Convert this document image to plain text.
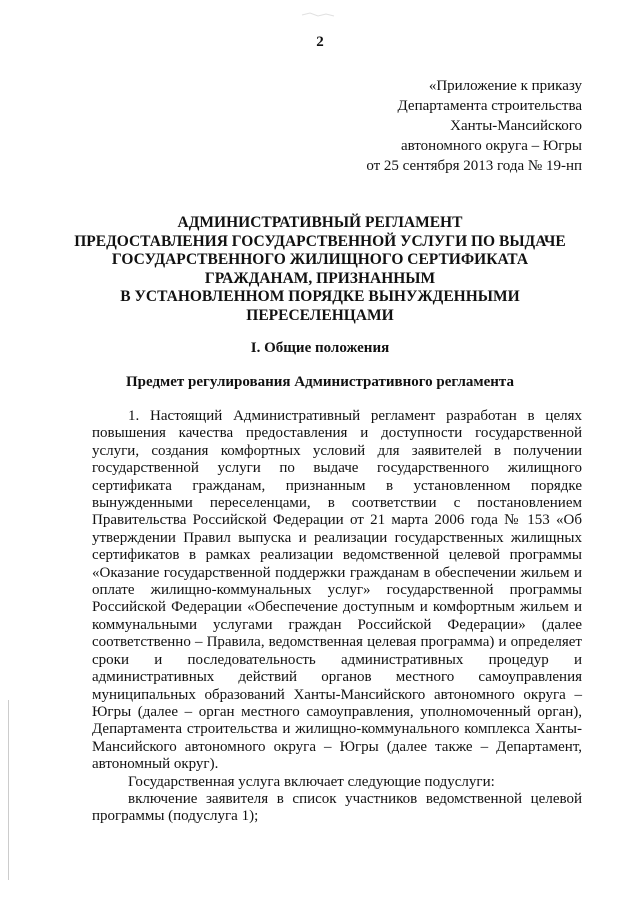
2
«Приложение к приказу
Департамента строительства
Ханты-Мансийского
автономного округа – Югры
от 25 сентября 2013 года № 19-нп
АДМИНИСТРАТИВНЫЙ РЕГЛАМЕНТ
ПРЕДОСТАВЛЕНИЯ ГОСУДАРСТВЕННОЙ УСЛУГИ ПО ВЫДАЧЕ
ГОСУДАРСТВЕННОГО ЖИЛИЩНОГО СЕРТИФИКАТА
ГРАЖДАНАМ, ПРИЗНАННЫМ
В УСТАНОВЛЕННОМ ПОРЯДКЕ ВЫНУЖДЕННЫМИ
ПЕРЕСЕЛЕНЦАМИ
I. Общие положения
Предмет регулирования Административного регламента

1. Настоящий Административный регламент разработан в целях повышения качества предоставления и доступности государственной услуги, создания комфортных условий для заявителей в получении государственной услуги по выдаче государственного жилищного сертификата гражданам, признанным в установленном порядке вынужденными переселенцами, в соответствии с постановлением Правительства Российской Федерации от 21 марта 2006 года № 153 «Об утверждении Правил выпуска и реализации государственных жилищных сертификатов в рамках реализации ведомственной целевой программы «Оказание государственной поддержки гражданам в обеспечении жильем и оплате жилищно-коммунальных услуг» государственной программы Российской Федерации «Обеспечение доступным и комфортным жильем и коммунальными услугами граждан Российской Федерации» (далее соответственно – Правила, ведомственная целевая программа) и определяет сроки и последовательность административных процедур и административных действий органов местного самоуправления муниципальных образований Ханты-Мансийского автономного округа – Югры (далее – орган местного самоуправления, уполномоченный орган), Департамента строительства и жилищно-коммунального комплекса Ханты-Мансийского автономного округа – Югры (далее также – Департамент, автономный округ).

Государственная услуга включает следующие подуслуги:

включение заявителя в список участников ведомственной целевой программы (подуслуга 1);
